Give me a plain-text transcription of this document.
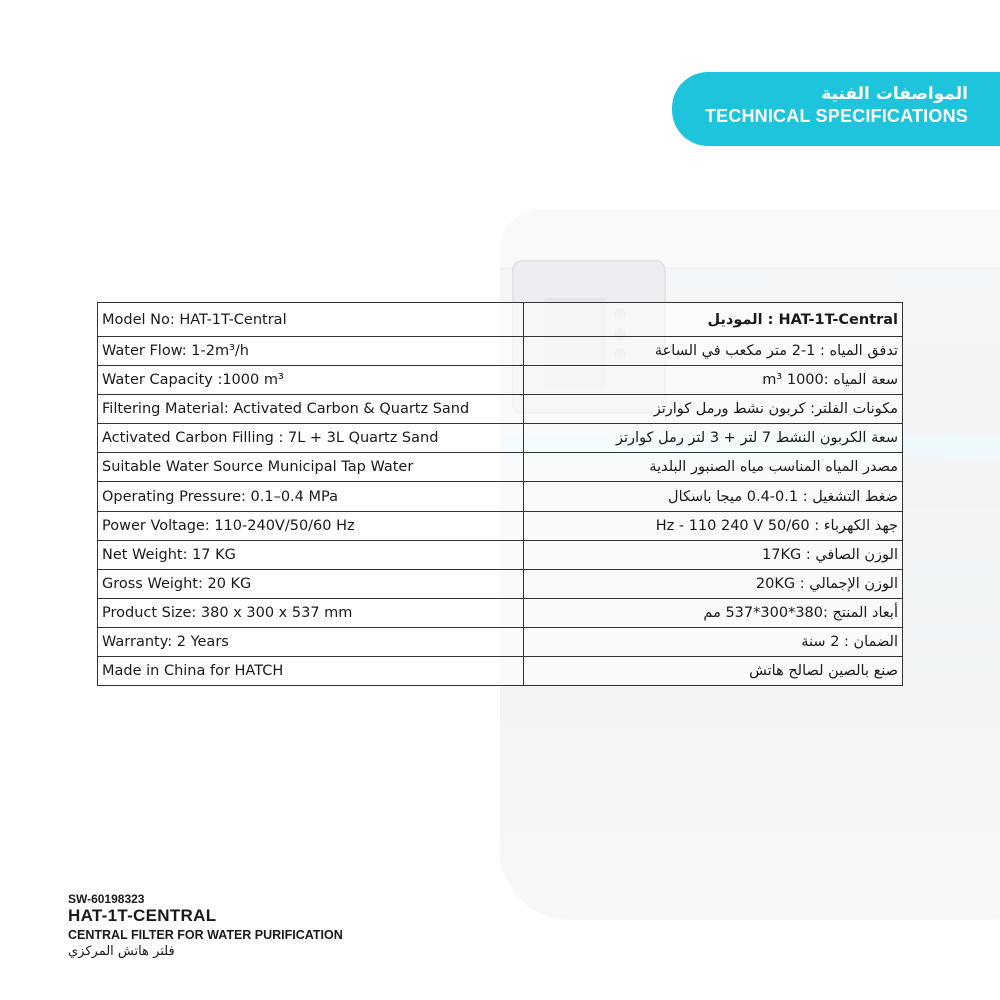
المواصفات الفنية
TECHNICAL SPECIFICATIONS
Model No: HAT-1T-Central	HAT-1T-Central : الموديل
Water Flow: 1-2m³/h	تدفق المياه : 1-2 متر مكعب في الساعة
Water Capacity :1000 m³	سعة المياه :1000 m³
Filtering Material: Activated Carbon & Quartz Sand	مكونات الفلتر: كربون نشط ورمل كوارتز
Activated Carbon Filling : 7L + 3L Quartz Sand	سعة الكربون النشط 7 لتر + 3 لتر رمل كوارتز
Suitable Water Source Municipal Tap Water	مصدر المياه المناسب مياه الصنبور البلدية
Operating Pressure: 0.1–0.4 MPa	ضغط التشغيل : 0.1-0.4 ميجا باسكال
Power Voltage: 110-240V/50/60 Hz	جهد الكهرباء : 50/60 Hz - 110 240 V
Net Weight: 17 KG	الوزن الصافي : 17KG
Gross Weight: 20 KG	الوزن الإجمالي : 20KG
Product Size: 380 x 300 x 537 mm	أبعاد المنتج :380*300*537 مم
Warranty: 2 Years	الضمان : 2 سنة
Made in China for HATCH	صنع بالصين لصالح هاتش
SW-60198323
HAT-1T-CENTRAL
CENTRAL FILTER FOR WATER PURIFICATION
فلتر هاتش المركزي
